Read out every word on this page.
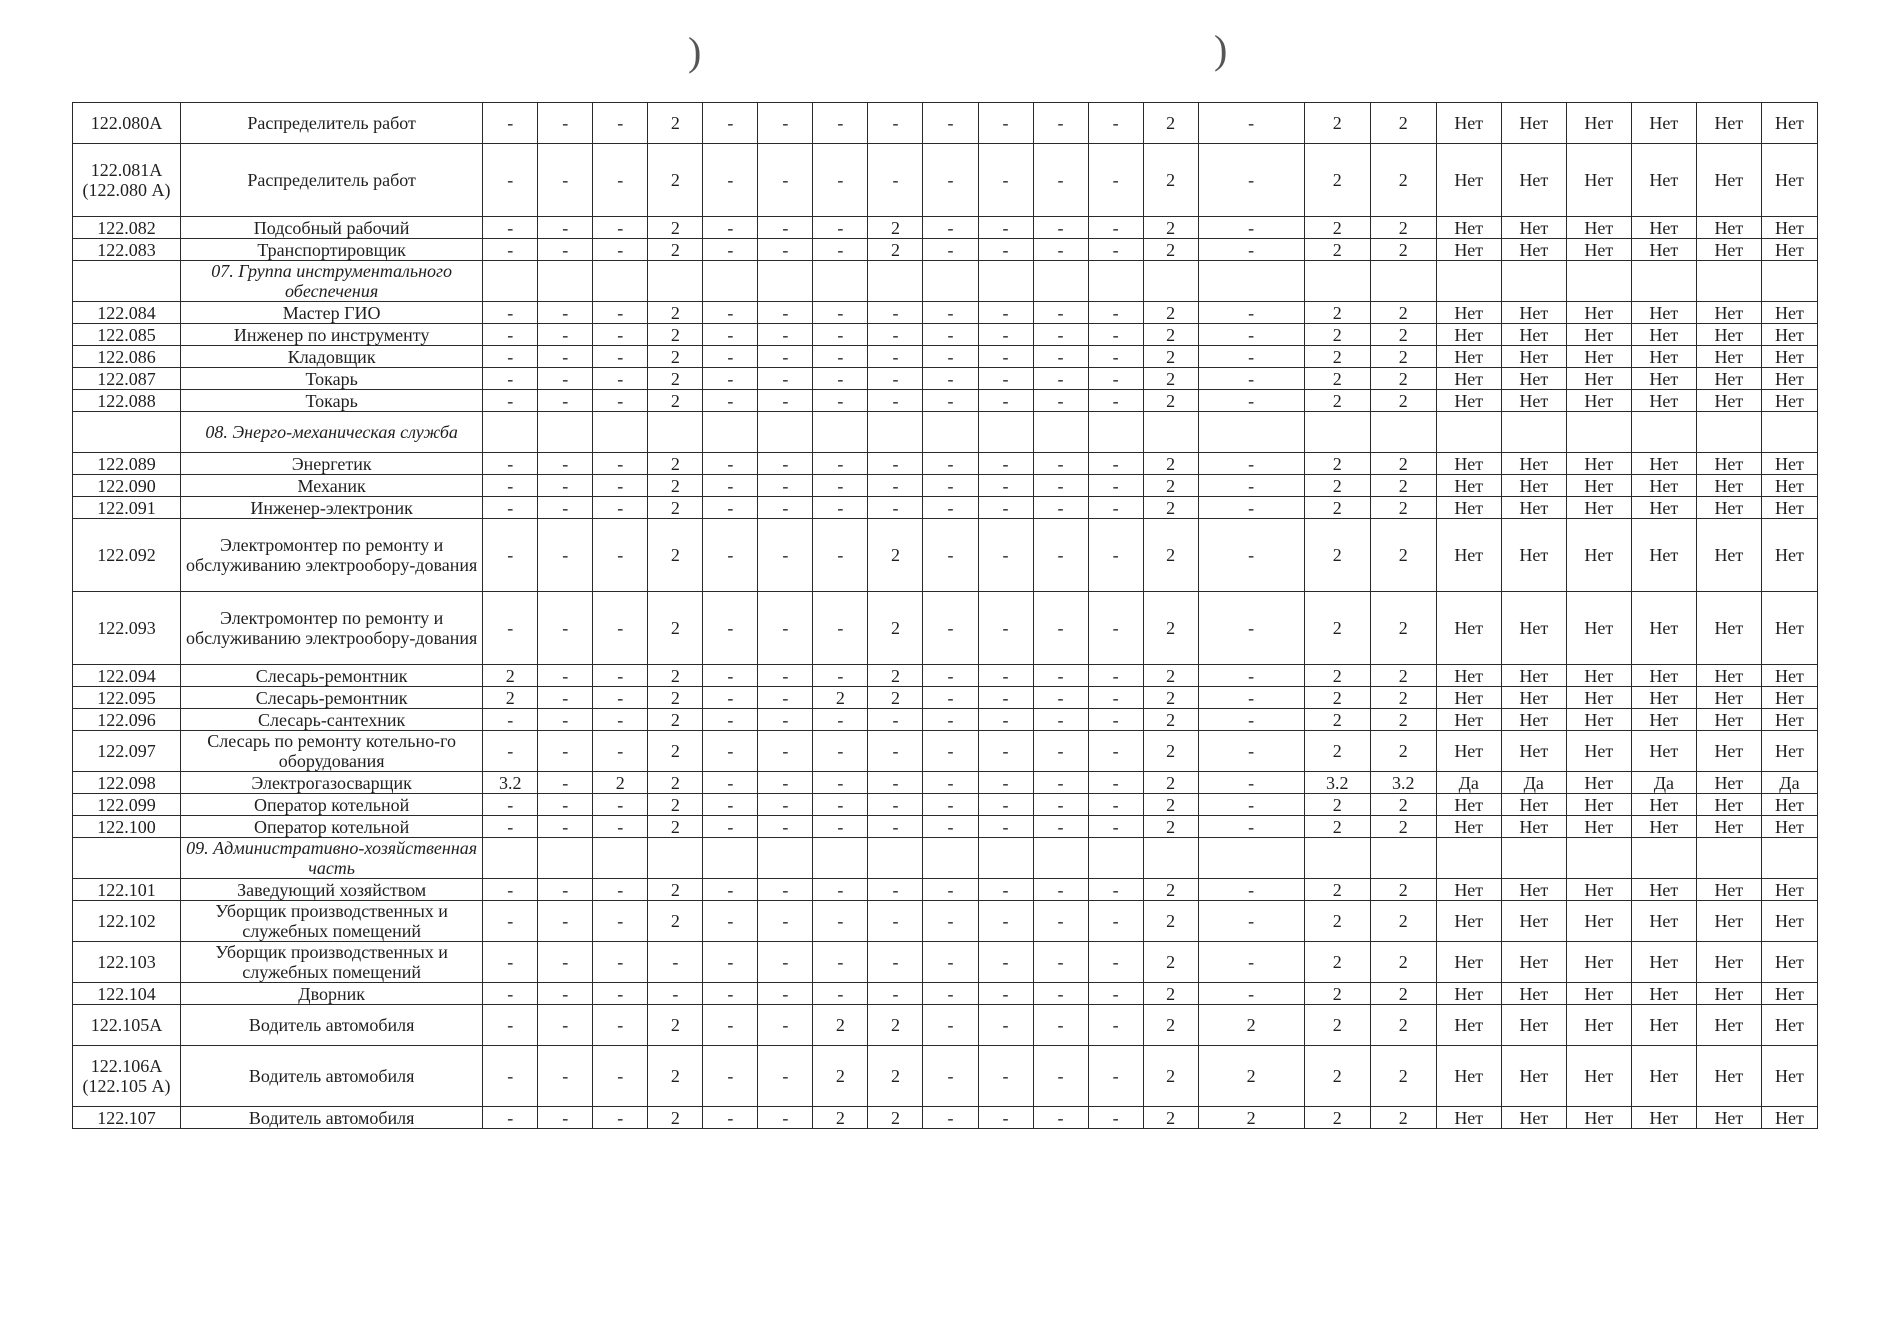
)	)
122.080А	Распределитель работ	-	-	-	2	-	-	-	-	-	-	-	-	2	-	2	2	Нет	Нет	Нет	Нет	Нет	Нет
122.081А (122.080 А)	Распределитель работ	-	-	-	2	-	-	-	-	-	-	-	-	2	-	2	2	Нет	Нет	Нет	Нет	Нет	Нет
122.082	Подсобный рабочий	-	-	-	2	-	-	-	2	-	-	-	-	2	-	2	2	Нет	Нет	Нет	Нет	Нет	Нет
122.083	Транспортировщик	-	-	-	2	-	-	-	2	-	-	-	-	2	-	2	2	Нет	Нет	Нет	Нет	Нет	Нет
	07. Группа инструментального обеспечения																						
122.084	Мастер ГИО	-	-	-	2	-	-	-	-	-	-	-	-	2	-	2	2	Нет	Нет	Нет	Нет	Нет	Нет
122.085	Инженер по инструменту	-	-	-	2	-	-	-	-	-	-	-	-	2	-	2	2	Нет	Нет	Нет	Нет	Нет	Нет
122.086	Кладовщик	-	-	-	2	-	-	-	-	-	-	-	-	2	-	2	2	Нет	Нет	Нет	Нет	Нет	Нет
122.087	Токарь	-	-	-	2	-	-	-	-	-	-	-	-	2	-	2	2	Нет	Нет	Нет	Нет	Нет	Нет
122.088	Токарь	-	-	-	2	-	-	-	-	-	-	-	-	2	-	2	2	Нет	Нет	Нет	Нет	Нет	Нет
	08. Энерго-механическая служба																						
122.089	Энергетик	-	-	-	2	-	-	-	-	-	-	-	-	2	-	2	2	Нет	Нет	Нет	Нет	Нет	Нет
122.090	Механик	-	-	-	2	-	-	-	-	-	-	-	-	2	-	2	2	Нет	Нет	Нет	Нет	Нет	Нет
122.091	Инженер-электроник	-	-	-	2	-	-	-	-	-	-	-	-	2	-	2	2	Нет	Нет	Нет	Нет	Нет	Нет
122.092	Электромонтер по ремонту и обслуживанию электрообору-дования	-	-	-	2	-	-	-	2	-	-	-	-	2	-	2	2	Нет	Нет	Нет	Нет	Нет	Нет
122.093	Электромонтер по ремонту и обслуживанию электрообору-дования	-	-	-	2	-	-	-	2	-	-	-	-	2	-	2	2	Нет	Нет	Нет	Нет	Нет	Нет
122.094	Слесарь-ремонтник	2	-	-	2	-	-	-	2	-	-	-	-	2	-	2	2	Нет	Нет	Нет	Нет	Нет	Нет
122.095	Слесарь-ремонтник	2	-	-	2	-	-	2	2	-	-	-	-	2	-	2	2	Нет	Нет	Нет	Нет	Нет	Нет
122.096	Слесарь-сантехник	-	-	-	2	-	-	-	-	-	-	-	-	2	-	2	2	Нет	Нет	Нет	Нет	Нет	Нет
122.097	Слесарь по ремонту котельно-го оборудования	-	-	-	2	-	-	-	-	-	-	-	-	2	-	2	2	Нет	Нет	Нет	Нет	Нет	Нет
122.098	Электрогазосварщик	3.2	-	2	2	-	-	-	-	-	-	-	-	2	-	3.2	3.2	Да	Да	Нет	Да	Нет	Да
122.099	Оператор котельной	-	-	-	2	-	-	-	-	-	-	-	-	2	-	2	2	Нет	Нет	Нет	Нет	Нет	Нет
122.100	Оператор котельной	-	-	-	2	-	-	-	-	-	-	-	-	2	-	2	2	Нет	Нет	Нет	Нет	Нет	Нет
	09. Административно-хозяйственная часть																						
122.101	Заведующий хозяйством	-	-	-	2	-	-	-	-	-	-	-	-	2	-	2	2	Нет	Нет	Нет	Нет	Нет	Нет
122.102	Уборщик производственных и служебных помещений	-	-	-	2	-	-	-	-	-	-	-	-	2	-	2	2	Нет	Нет	Нет	Нет	Нет	Нет
122.103	Уборщик производственных и служебных помещений	-	-	-	-	-	-	-	-	-	-	-	-	2	-	2	2	Нет	Нет	Нет	Нет	Нет	Нет
122.104	Дворник	-	-	-	-	-	-	-	-	-	-	-	-	2	-	2	2	Нет	Нет	Нет	Нет	Нет	Нет
122.105А	Водитель автомобиля	-	-	-	2	-	-	2	2	-	-	-	-	2	2	2	2	Нет	Нет	Нет	Нет	Нет	Нет
122.106А (122.105 А)	Водитель автомобиля	-	-	-	2	-	-	2	2	-	-	-	-	2	2	2	2	Нет	Нет	Нет	Нет	Нет	Нет
122.107	Водитель автомобиля	-	-	-	2	-	-	2	2	-	-	-	-	2	2	2	2	Нет	Нет	Нет	Нет	Нет	Нет
